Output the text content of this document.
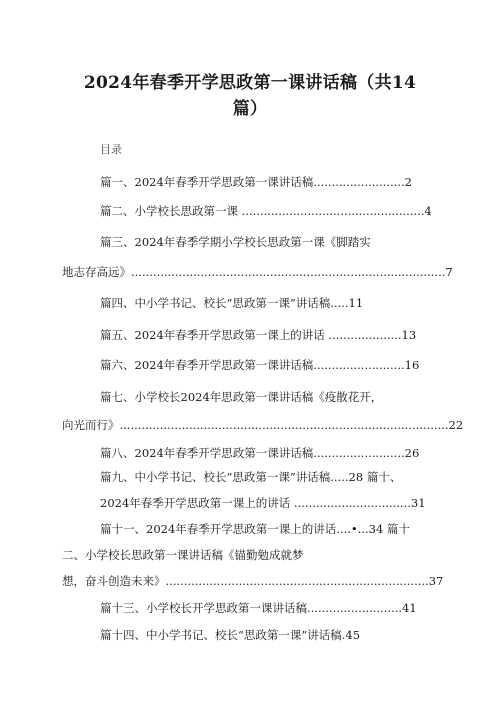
2024年春季开学思政第一课讲话稿（共14
篇）
目录
篇一、2024年春季开学思政第一课讲话稿.........................2
篇二、小学校长思政第一课 ..................................................4
篇三、2024年春季学期小学校长思政第一课《脚踏实
地志存高远》......................................................................................7
篇四、中小学书记、校长“思政第一课”讲话稿.....11
篇五、2024年春季开学思政第一课上的讲话 ....................13
篇六、2024年春季开学思政第一课讲话稿.........................16
篇七、小学校长2024年思政第一课讲话稿《疫散花开，
向光而行》..........................................................................................22
篇八、2024年春季开学思政第一课讲话稿.........................26
篇九、中小学书记、校长“思政第一课”讲话稿.....28 篇十、
2024年春季开学思政第一课上的讲话 ................................31
篇十一、2024年春季开学思政第一课上的讲话....•...34 篇十
二、小学校长思政第一课讲话稿《锚勤勉成就梦
想，奋斗创造未来》........................................................................37
篇十三、小学校长开学思政第一课讲话稿..........................41
篇十四、中小学书记、校长“思政第一课”讲话稿.45
